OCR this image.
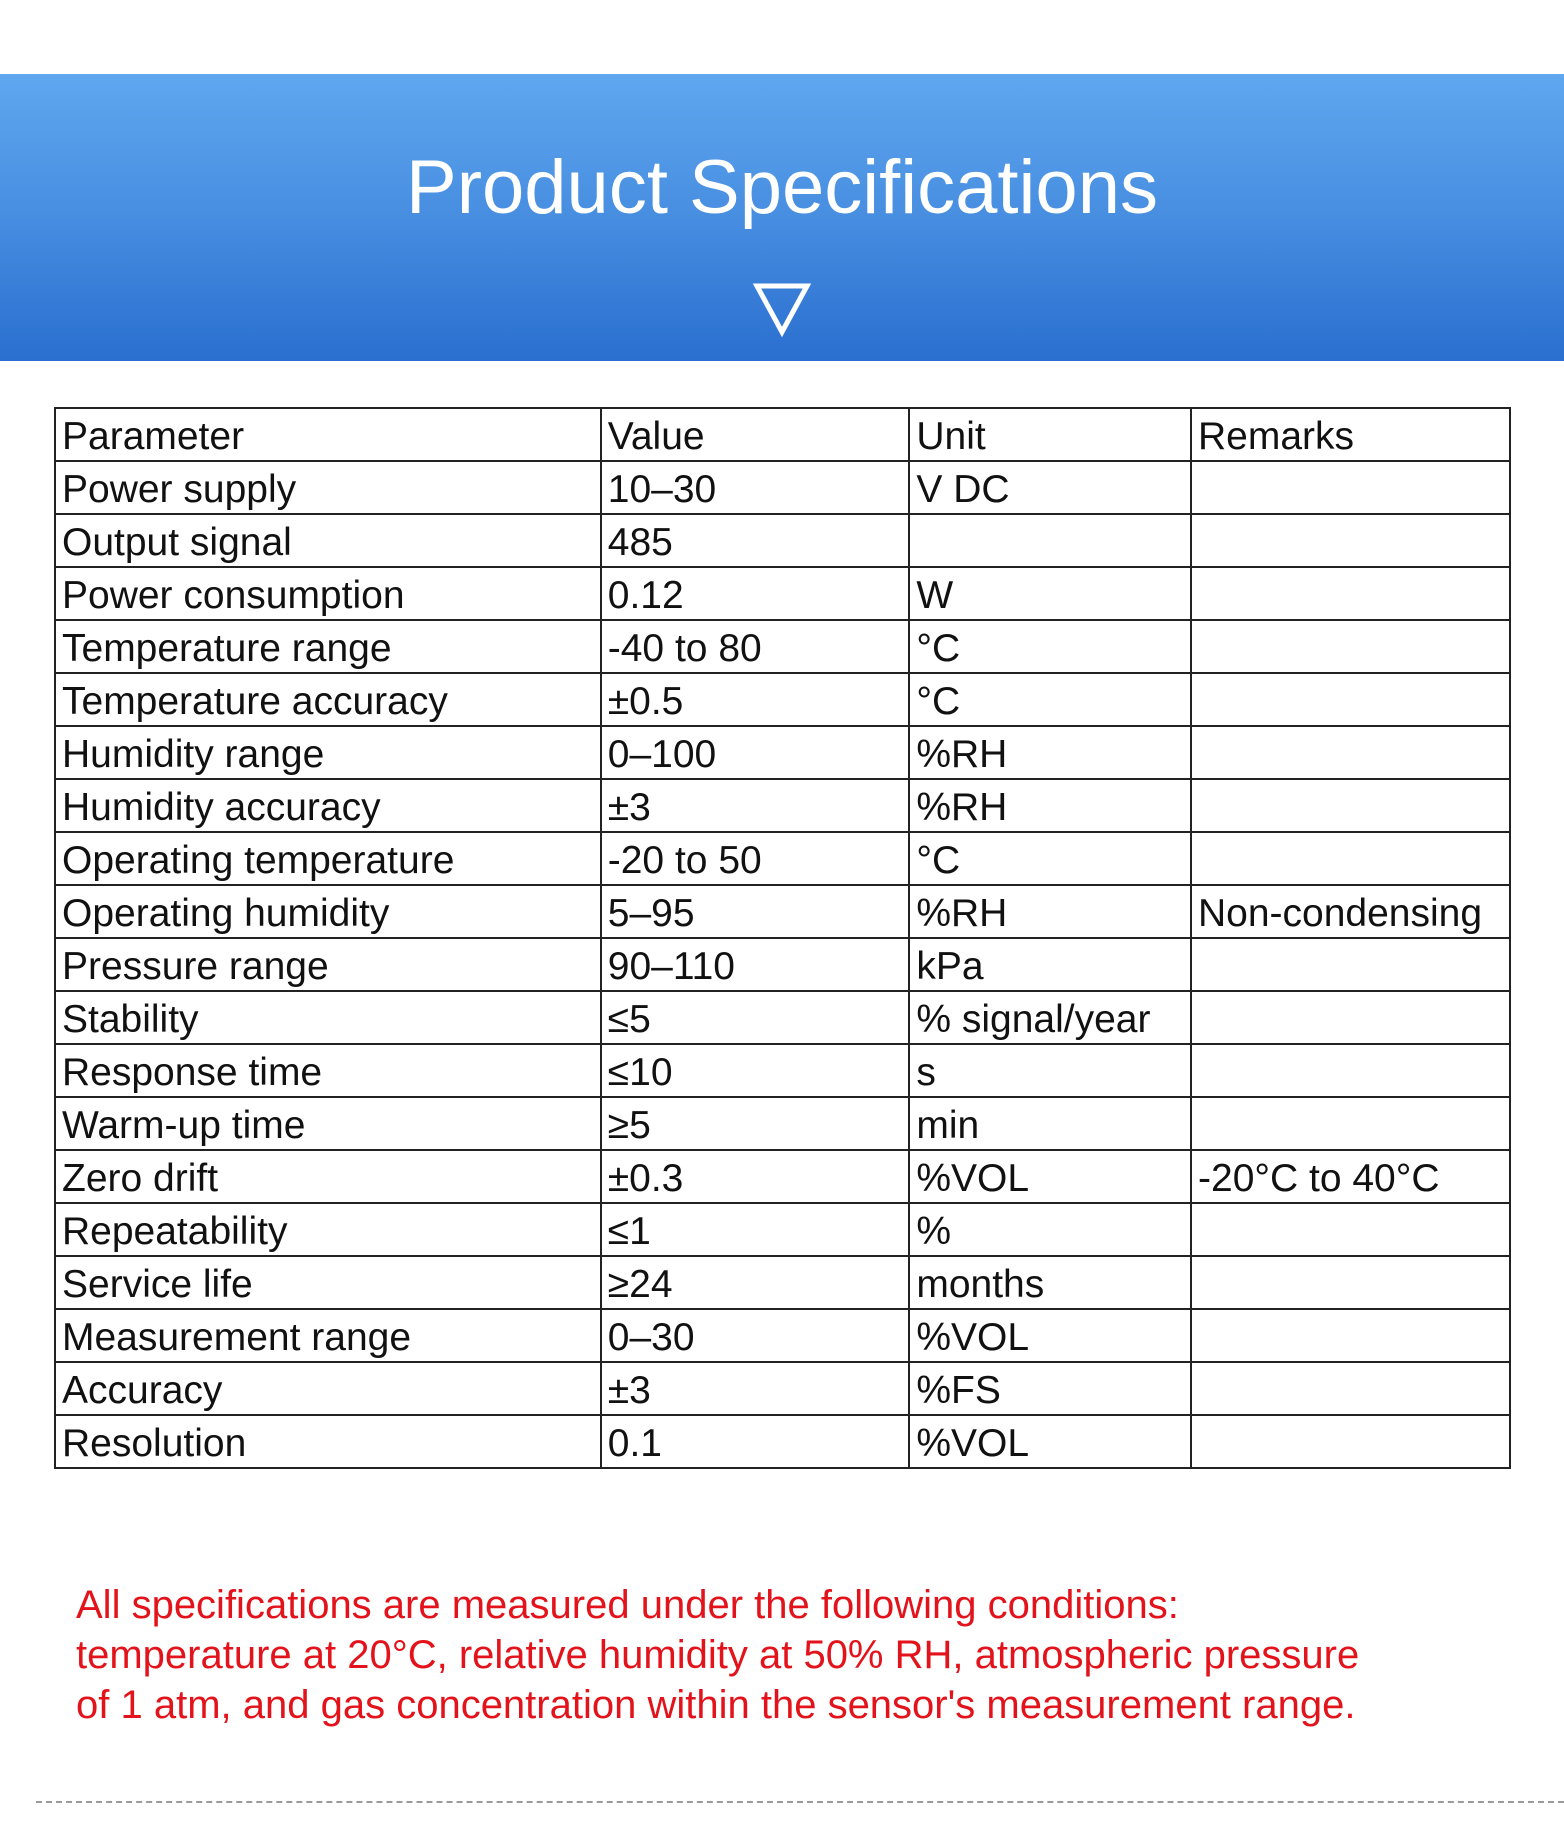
Product Specifications
Parameter	Value	Unit	Remarks
Power supply	10–30	V DC	
Output signal	485		
Power consumption	0.12	W	
Temperature range	-40 to 80	°C	
Temperature accuracy	±0.5	°C	
Humidity range	0–100	%RH	
Humidity accuracy	±3	%RH	
Operating temperature	-20 to 50	°C	
Operating humidity	5–95	%RH	Non-condensing
Pressure range	90–110	kPa	
Stability	≤5	% signal/year	
Response time	≤10	s	
Warm-up time	≥5	min	
Zero drift	±0.3	%VOL	-20°C to 40°C
Repeatability	≤1	%	
Service life	≥24	months	
Measurement range	0–30	%VOL	
Accuracy	±3	%FS	
Resolution	0.1	%VOL	

All specifications are measured under the following conditions:

temperature at 20°C, relative humidity at 50% RH, atmospheric pressure

of 1 atm, and gas concentration within the sensor's measurement range.
